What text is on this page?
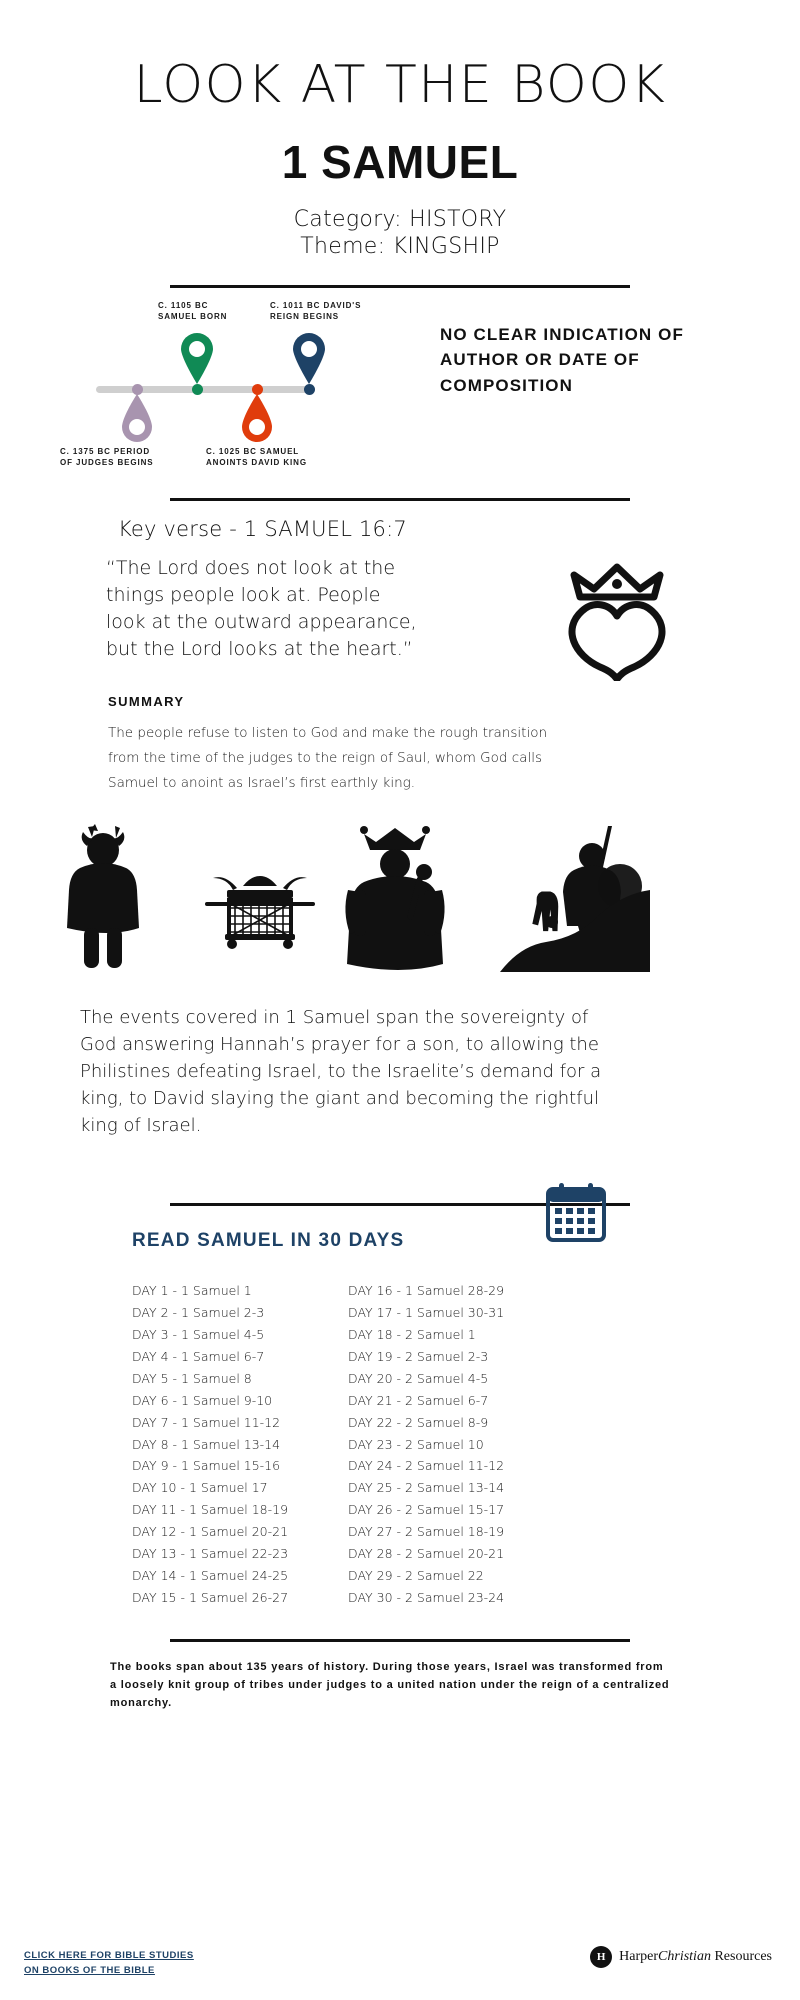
LOOK AT THE BOOK
1 SAMUEL
Category: HISTORY
Theme: KINGSHIP
C. 1105 BC
SAMUEL BORN
C. 1011 BC DAVID'S
REIGN BEGINS
C. 1375 BC PERIOD
OF JUDGES BEGINS
C. 1025 BC SAMUEL
ANOINTS DAVID KING
NO CLEAR INDICATION OF AUTHOR OR DATE OF COMPOSITION
Key verse - 1 SAMUEL 16:7
“The Lord does not look at the things people look at. People look at the outward appearance, but the Lord looks at the heart.”
SUMMARY
The people refuse to listen to God and make the rough transition from the time of the judges to the reign of Saul, whom God calls Samuel to anoint as Israel’s first earthly king.
The events covered in 1 Samuel span the sovereignty of God answering Hannah’s prayer for a son, to allowing the Philistines defeating Israel, to the Israelite’s demand for a king, to David slaying the giant and becoming the rightful king of Israel.
READ SAMUEL IN 30 DAYS
DAY 1 - 1 Samuel 1
DAY 2 - 1 Samuel 2-3
DAY 3 - 1 Samuel 4-5
DAY 4 - 1 Samuel 6-7
DAY 5 - 1 Samuel 8
DAY 6 - 1 Samuel 9-10
DAY 7 - 1 Samuel 11-12
DAY 8 - 1 Samuel 13-14
DAY 9 - 1 Samuel 15-16
DAY 10 - 1 Samuel 17
DAY 11 - 1 Samuel 18-19
DAY 12 - 1 Samuel 20-21
DAY 13 - 1 Samuel 22-23
DAY 14 - 1 Samuel 24-25
DAY 15 - 1 Samuel 26-27
DAY 16 - 1 Samuel 28-29
DAY 17 - 1 Samuel 30-31
DAY 18 - 2 Samuel 1
DAY 19 - 2 Samuel 2-3
DAY 20 - 2 Samuel 4-5
DAY 21 - 2 Samuel 6-7
DAY 22 - 2 Samuel 8-9
DAY 23 - 2 Samuel 10
DAY 24 - 2 Samuel 11-12
DAY 25 - 2 Samuel 13-14
DAY 26 - 2 Samuel 15-17
DAY 27 - 2 Samuel 18-19
DAY 28 - 2 Samuel 20-21
DAY 29 - 2 Samuel 22
DAY 30 - 2 Samuel 23-24
The books span about 135 years of history. During those years, Israel was transformed from a loosely knit group of tribes under judges to a united nation under the reign of a centralized monarchy.
CLICK HERE FOR BIBLE STUDIES
ON BOOKS OF THE BIBLE
H HarperChristian Resources
